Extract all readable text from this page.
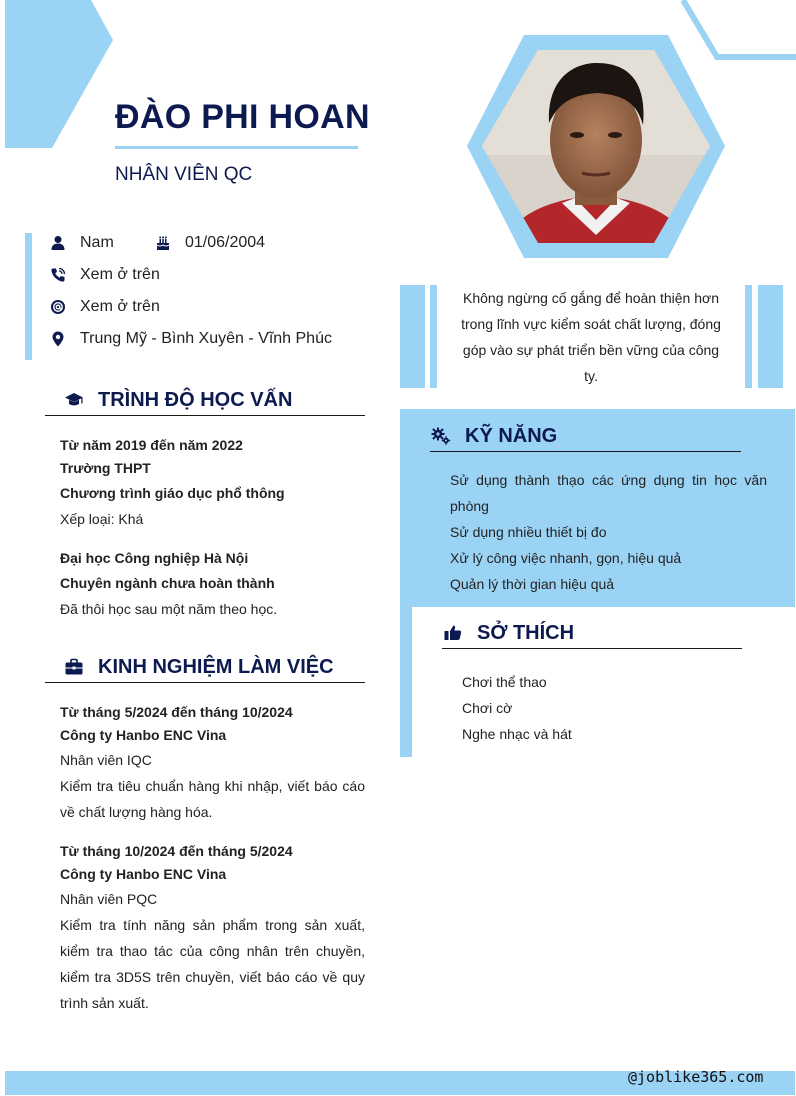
ĐÀO PHI HOAN
NHÂN VIÊN QC
Nam	01/06/2004
Xem ở trên
Xem ở trên
Trung Mỹ - Bình Xuyên - Vĩnh Phúc
TRÌNH ĐỘ HỌC VẤN
Từ năm 2019 đến năm 2022
Trường THPT
Chương trình giáo dục phổ thông
Xếp loại: Khá
Đại học Công nghiệp Hà Nội
Chuyên ngành chưa hoàn thành
Đã thôi học sau một năm theo học.
KINH NGHIỆM LÀM VIỆC
Từ tháng 5/2024 đến tháng 10/2024
Công ty Hanbo ENC Vina
Nhân viên IQC
Kiểm tra tiêu chuẩn hàng khi nhập, viết báo cáo về chất lượng hàng hóa.
Từ tháng 10/2024 đến tháng 5/2024
Công ty Hanbo ENC Vina
Nhân viên PQC
Kiểm tra tính năng sản phẩm trong sản xuất, kiểm tra thao tác của công nhân trên chuyền, kiểm tra 3D5S trên chuyền, viết báo cáo về quy trình sản xuất.
Không ngừng cố gắng để hoàn thiện hơn trong lĩnh vực kiểm soát chất lượng, đóng góp vào sự phát triển bền vững của công ty.
KỸ NĂNG
Sử dụng thành thạo các ứng dụng tin học văn phòng
Sử dụng nhiều thiết bị đo
Xử lý công việc nhanh, gọn, hiệu quả
Quản lý thời gian hiệu quả
SỞ THÍCH
Chơi thể thao
Chơi cờ
Nghe nhạc và hát
@joblike365.com
